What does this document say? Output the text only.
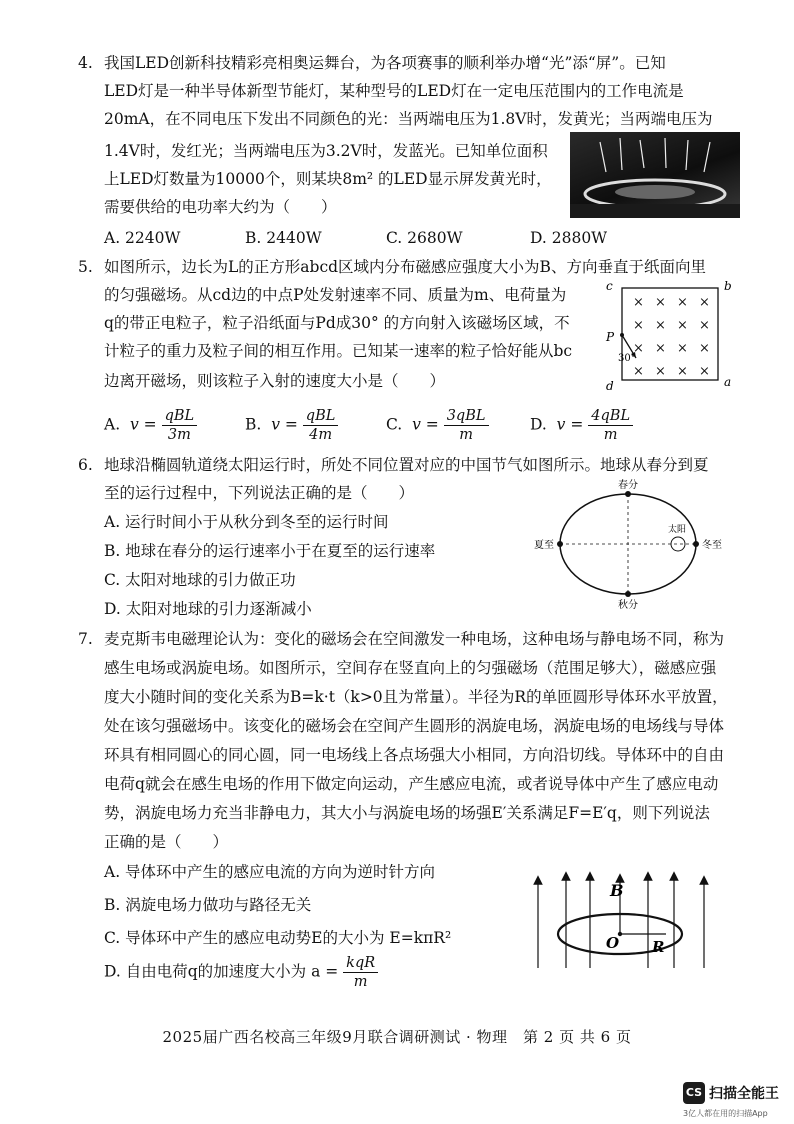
4. 我国LED创新科技精彩亮相奥运舞台，为各项赛事的顺利举办增“光”添“屏”。已知
LED灯是一种半导体新型节能灯，某种型号的LED灯在一定电压范围内的工作电流是
20mA，在不同电压下发出不同颜色的光：当两端电压为1.8V时，发黄光；当两端电压为
1.4V时，发红光；当两端电压为3.2V时，发蓝光。已知单位面积
上LED灯数量为10000个，则某块8m² 的LED显示屏发黄光时，
需要供给的电功率大约为（　　）
A. 2240W	B. 2440W	C. 2680W	D. 2880W
5. 如图所示，边长为L的正方形abcd区域内分布磁感应强度大小为B、方向垂直于纸面向里
的匀强磁场。从cd边的中点P处发射速率不同、质量为m、电荷量为
q的带正电粒子，粒子沿纸面与Pd成30° 的方向射入该磁场区域，不
计粒子的重力及粒子间的相互作用。已知某一速率的粒子恰好能从bc
边离开磁场，则该粒子入射的速度大小是（　　）
c	b
d	a
P
30°
× × × ×
× × × ×
× × × ×
× × × ×
A. $v = \frac{\text{qBL}}{3m}$	B. $v = \frac{\text{qBL}}{4m}$	C. $v = \frac{\text{3qBL}}{m}$	D. $v = \frac{\text{4qBL}}{m}$
6. 地球沿椭圆轨道绕太阳运行时，所处不同位置对应的中国节气如图所示。地球从春分到夏
至的运行过程中，下列说法正确的是（　　）
A. 运行时间小于从秋分到冬至的运行时间
B. 地球在春分的运行速率小于在夏至的运行速率
C. 太阳对地球的引力做正功
D. 太阳对地球的引力逐渐减小
春分
夏至	冬至
秋分
太阳
7. 麦克斯韦电磁理论认为：变化的磁场会在空间激发一种电场，这种电场与静电场不同，称为
感生电场或涡旋电场。如图所示，空间存在竖直向上的匀强磁场（范围足够大），磁感应强
度大小随时间的变化关系为B=k·t（k>0且为常量）。半径为R的单匝圆形导体环水平放置，
处在该匀强磁场中。该变化的磁场会在空间产生圆形的涡旋电场，涡旋电场的电场线与导体
环具有相同圆心的同心圆，同一电场线上各点场强大小相同，方向沿切线。导体环中的自由
电荷q就会在感生电场的作用下做定向运动，产生感应电流，或者说导体中产生了感应电动
势，涡旋电场力充当非静电力，其大小与涡旋电场的场强E′关系满足F=E′q，则下列说法
正确的是（　　）
A. 导体环中产生的感应电流的方向为逆时针方向
B. 涡旋电场力做功与路径无关
C. 导体环中产生的感应电动势E的大小为 E=kπR²
D. 自由电荷q的加速度大小为 $a = \frac{\text{kqR}}{m}$
B
O R
2025届广西名校高三年级9月联合调研测试 · 物理　第 2 页 共 6 页
CS 扫描全能王
3亿人都在用的扫描App
